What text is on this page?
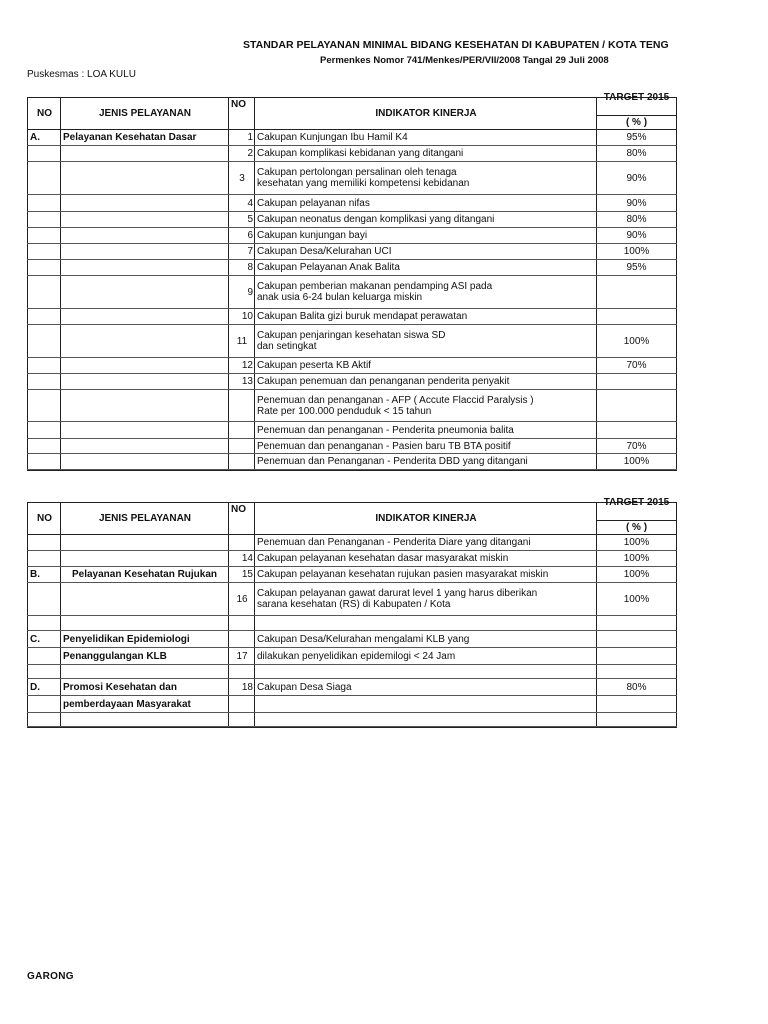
STANDAR PELAYANAN MINIMAL BIDANG KESEHATAN DI KABUPATEN / KOTA TENG
Permenkes Nomor 741/Menkes/PER/VII/2008 Tangal 29 Juli 2008
Puskesmas : LOA KULU
NO	JENIS PELAYANAN
NO
INDIKATOR KINERJA
TARGET 2015
( % )
A.	Pelayanan Kesehatan Dasar	1 Cakupan Kunjungan Ibu Hamil K4	95%
2 Cakupan komplikasi kebidanan yang ditangani	80%
3	Cakupan pertolongan persalinan oleh tenaga
kesehatan yang memiliki kompetensi kebidanan	90%
4 Cakupan pelayanan nifas	90%
5 Cakupan neonatus dengan komplikasi yang ditangani	80%
6 Cakupan kunjungan bayi	90%
7 Cakupan Desa/Kelurahan UCI	100%
8 Cakupan Pelayanan Anak Balita	95%
9 Cakupan pemberian makanan pendamping ASI pada
anak usia 6-24 bulan keluarga miskin
10 Cakupan Balita gizi buruk mendapat perawatan
11 Cakupan penjaringan kesehatan siswa SD
dan setingkat	100%
12 Cakupan peserta KB Aktif	70%
13 Cakupan penemuan dan penanganan penderita penyakit
Penemuan dan penanganan - AFP ( Accute Flaccid Paralysis )
Rate per 100.000 penduduk < 15 tahun
Penemuan dan penanganan - Penderita pneumonia balita
Penemuan dan penanganan - Pasien baru TB BTA positif	70%
Penemuan dan Penanganan - Penderita DBD yang ditangani	100%
NO	JENIS PELAYANAN
NO
INDIKATOR KINERJA
TARGET 2015
( % )
Penemuan dan Penanganan - Penderita Diare yang ditangani	100%
14 Cakupan pelayanan kesehatan dasar masyarakat miskin	100%
B.	Pelayanan Kesehatan Rujukan	15 Cakupan pelayanan kesehatan rujukan pasien masyarakat miskin	100%
16 Cakupan pelayanan gawat darurat level 1 yang harus diberikan
sarana kesehatan (RS) di Kabupaten / Kota	100%
C.	Penyelidikan Epidemiologi	Cakupan Desa/Kelurahan mengalami KLB yang
Penanggulangan KLB	17 dilakukan penyelidikan epidemilogi < 24 Jam
D.	Promosi Kesehatan dan	18 Cakupan Desa Siaga	80%
pemberdayaan Masyarakat
GARONG
